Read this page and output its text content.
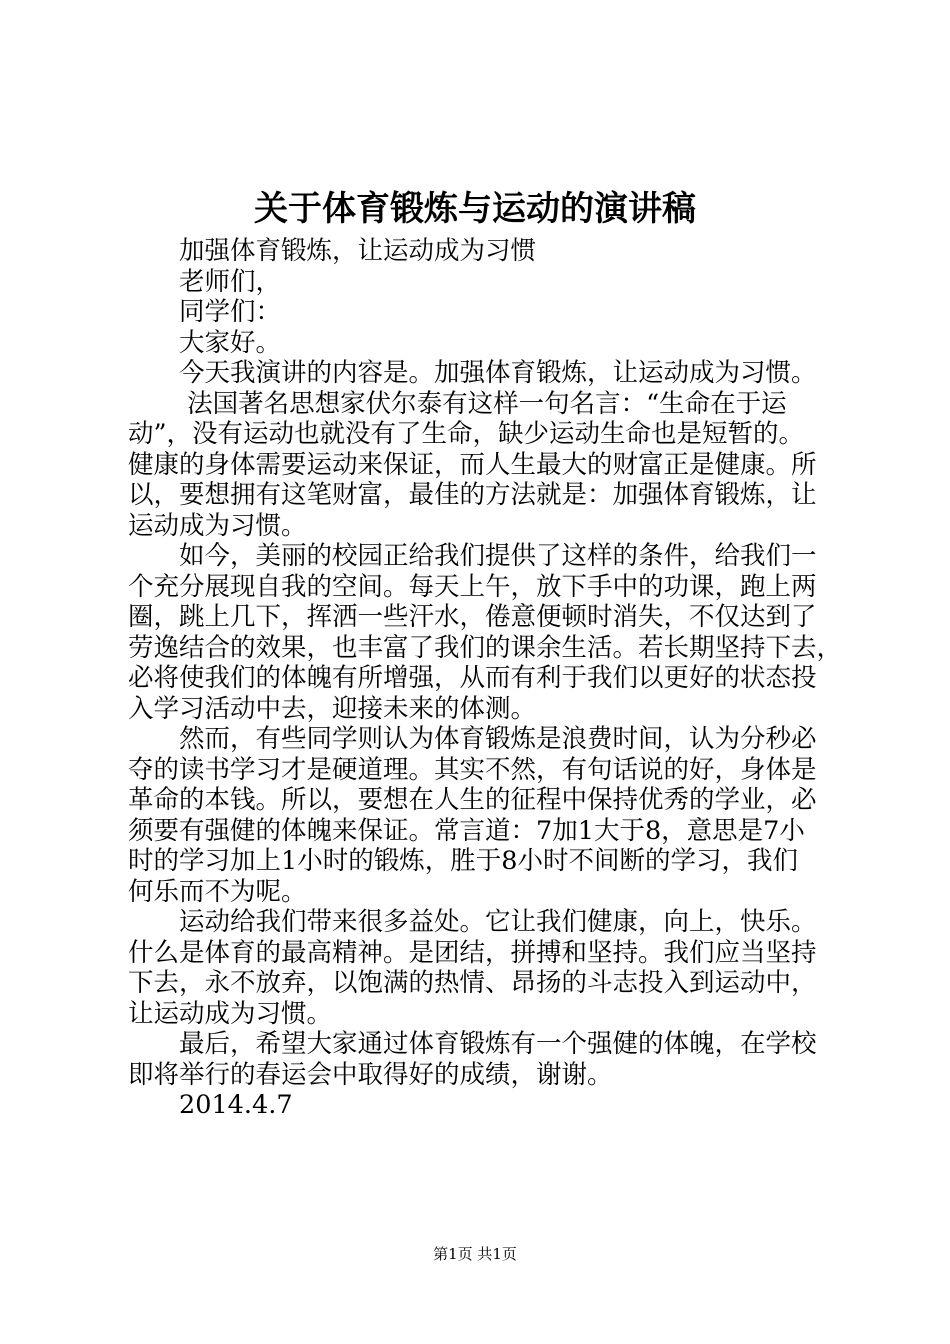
关于体育锻炼与运动的演讲稿
加强体育锻炼，让运动成为习惯
老师们，
同学们：
大家好。
今天我演讲的内容是。加强体育锻炼，让运动成为习惯。
法国著名思想家伏尔泰有这样一句名言：“生命在于运
动”，没有运动也就没有了生命，缺少运动生命也是短暂的。
健康的身体需要运动来保证，而人生最大的财富正是健康。所
以，要想拥有这笔财富，最佳的方法就是：加强体育锻炼，让
运动成为习惯。
如今，美丽的校园正给我们提供了这样的条件，给我们一
个充分展现自我的空间。每天上午，放下手中的功课，跑上两
圈，跳上几下，挥洒一些汗水，倦意便顿时消失，不仅达到了
劳逸结合的效果，也丰富了我们的课余生活。若长期坚持下去，
必将使我们的体魄有所增强，从而有利于我们以更好的状态投
入学习活动中去，迎接未来的体测。
然而，有些同学则认为体育锻炼是浪费时间，认为分秒必
夺的读书学习才是硬道理。其实不然，有句话说的好，身体是
革命的本钱。所以，要想在人生的征程中保持优秀的学业，必
须要有强健的体魄来保证。常言道：7加1大于8，意思是7小
时的学习加上1小时的锻炼，胜于8小时不间断的学习，我们
何乐而不为呢。
运动给我们带来很多益处。它让我们健康，向上，快乐。
什么是体育的最高精神。是团结，拼搏和坚持。我们应当坚持
下去，永不放弃，以饱满的热情、昂扬的斗志投入到运动中，
让运动成为习惯。
最后，希望大家通过体育锻炼有一个强健的体魄，在学校
即将举行的春运会中取得好的成绩，谢谢。
2014.4.7
第1页 共1页
